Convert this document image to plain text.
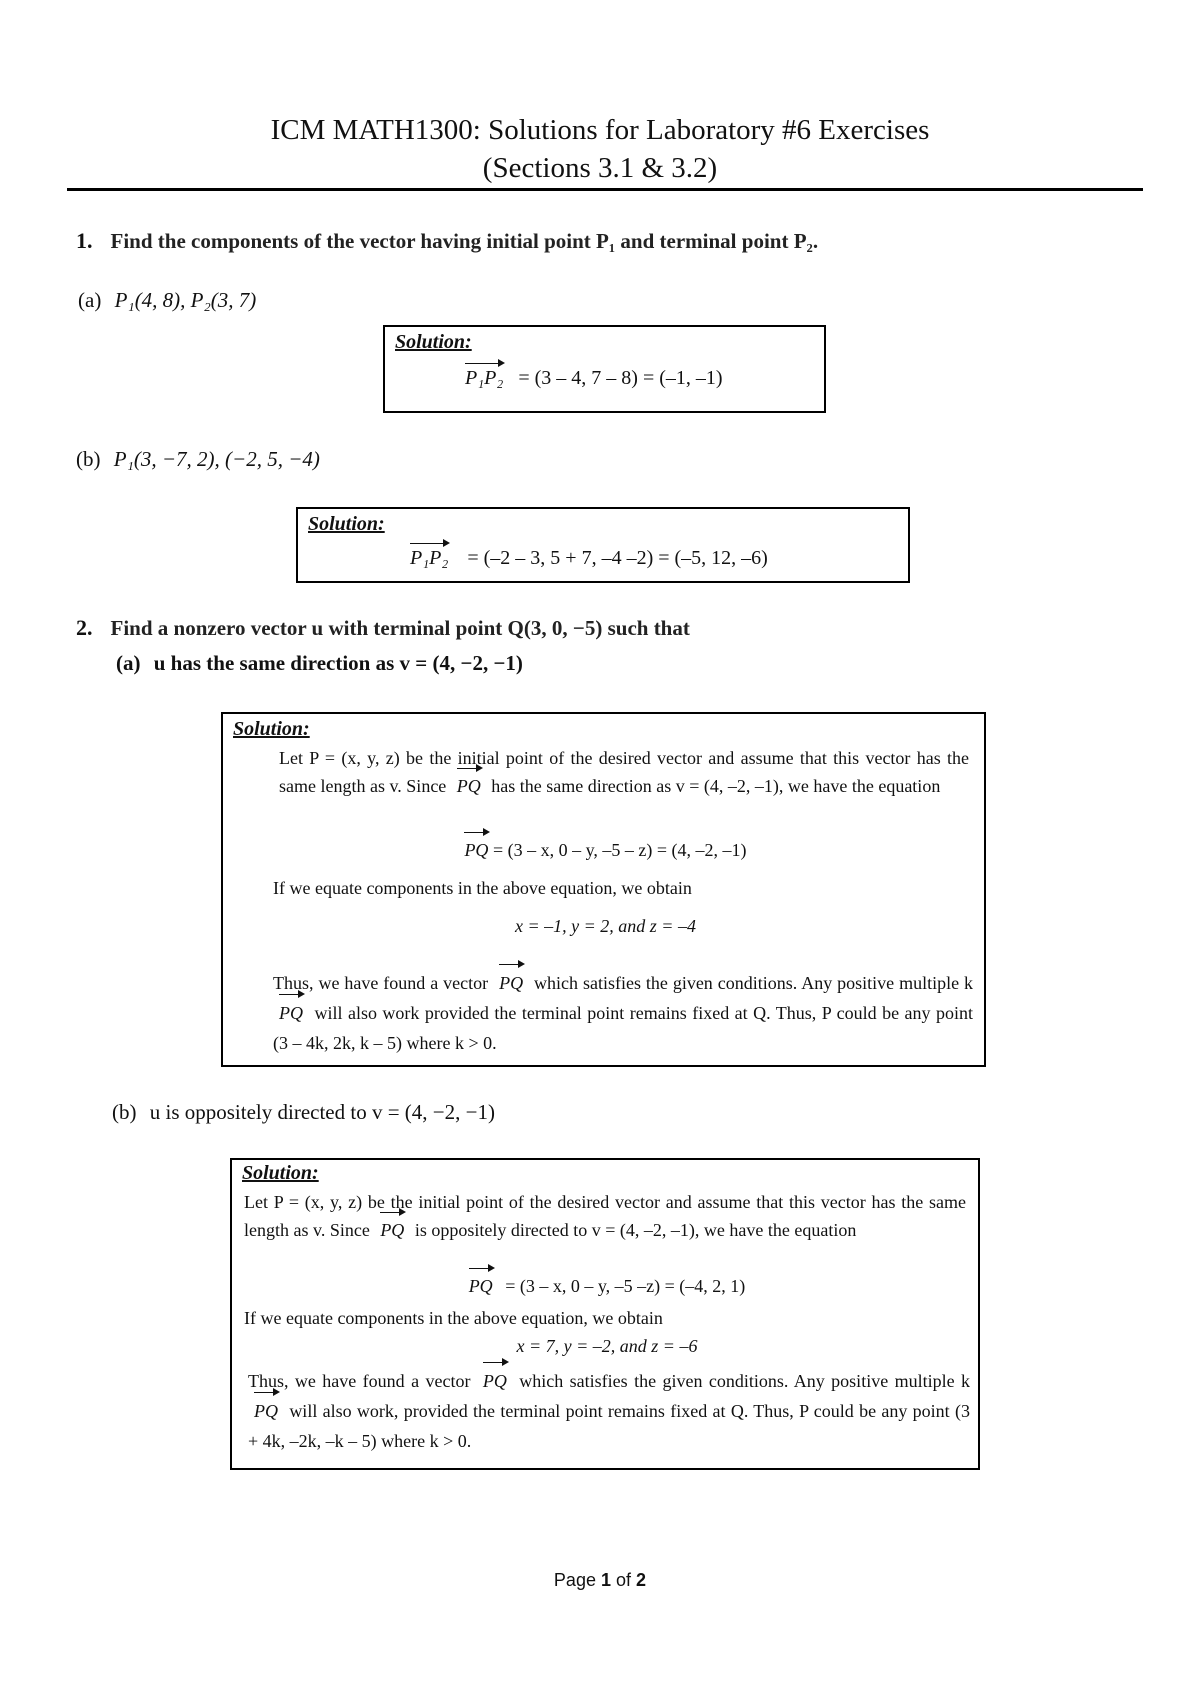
ICM MATH1300: Solutions for Laboratory #6 Exercises
(Sections 3.1 & 3.2)
1. Find the components of the vector having initial point P₁ and terminal point P₂.
(a) P₁(4, 8), P₂(3, 7)
Solution:
P₁P₂ = (3 – 4, 7 – 8) = (–1, –1)
(b) P₁(3, −7, 2), (−2, 5, −4)
Solution:
P₁P₂ = (–2 – 3, 5 + 7, –4 –2) = (–5, 12, –6)
2. Find a nonzero vector u with terminal point Q(3, 0, −5) such that
(a) u has the same direction as v = (4, −2, −1)
Solution:
Let P = (x, y, z) be the initial point of the desired vector and assume that this vector has the same length as v. Since PQ has the same direction as v = (4, –2, –1), we have the equation
PQ = (3 – x, 0 – y, –5 – z) = (4, –2, –1)
If we equate components in the above equation, we obtain
x = –1, y = 2, and z = –4
Thus, we have found a vector PQ which satisfies the given conditions. Any positive multiple k PQ will also work provided the terminal point remains fixed at Q. Thus, P could be any point (3 – 4k, 2k, k – 5) where k > 0.
(b) u is oppositely directed to v = (4, −2, −1)
Solution:
Let P = (x, y, z) be the initial point of the desired vector and assume that this vector has the same length as v. Since PQ is oppositely directed to v = (4, –2, –1), we have the equation
PQ = (3 – x, 0 – y, –5 –z) = (–4, 2, 1)
If we equate components in the above equation, we obtain
x = 7, y = –2, and z = –6
Thus, we have found a vector PQ which satisfies the given conditions. Any positive multiple k PQ will also work, provided the terminal point remains fixed at Q. Thus, P could be any point (3 + 4k, –2k, –k – 5) where k > 0.
Page 1 of 2
